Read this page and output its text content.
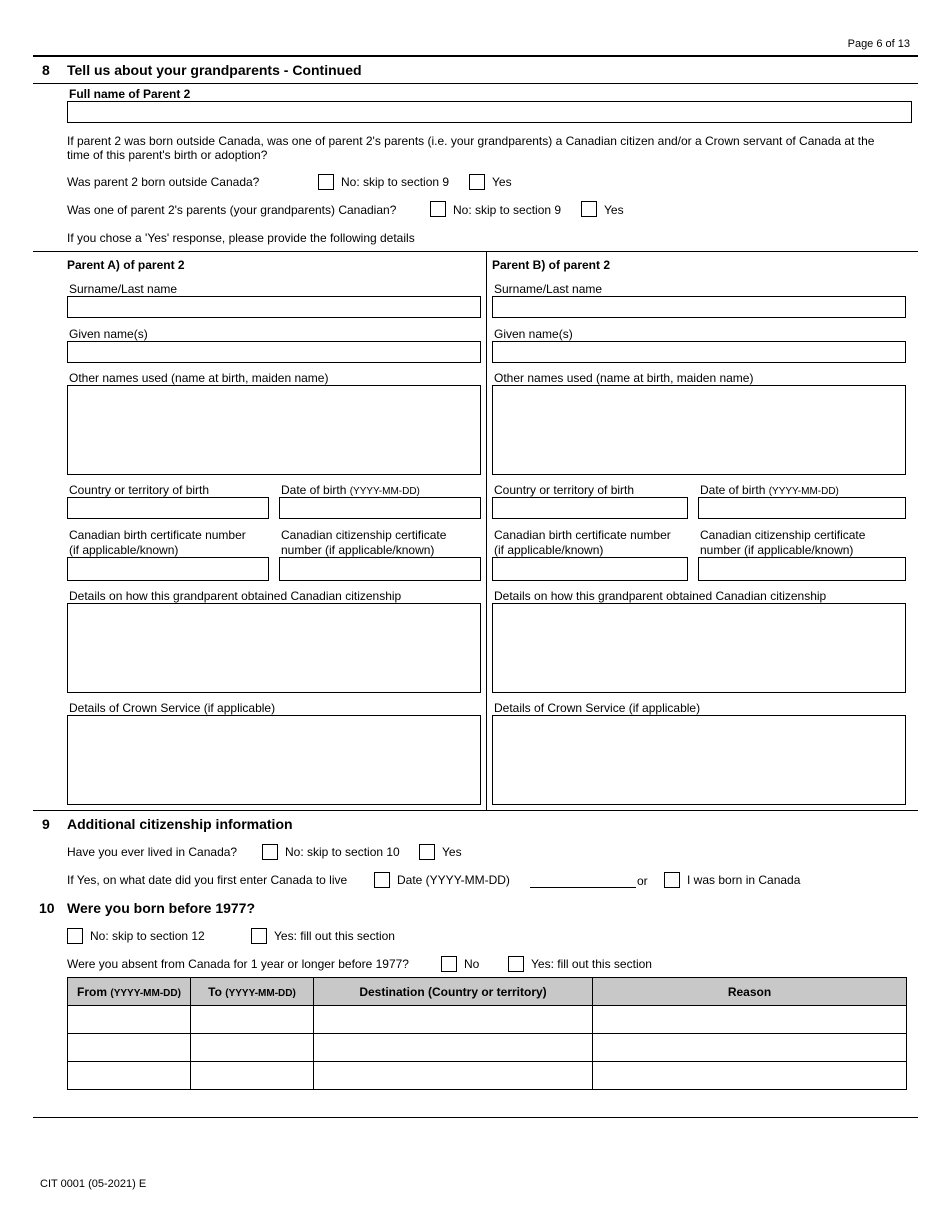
Page 6 of 13
8 Tell us about your grandparents - Continued
Full name of Parent 2
If parent 2 was born outside Canada, was one of parent 2's parents (i.e. your grandparents) a Canadian citizen and/or a Crown servant of Canada at the
time of this parent's birth or adoption?
Was parent 2 born outside Canada?	No: skip to section 9	Yes
Was one of parent 2's parents (your grandparents) Canadian?	No: skip to section 9	Yes
If you chose a 'Yes' response, please provide the following details
Parent A) of parent 2
Surname/Last name
Given name(s)
Other names used (name at birth, maiden name)
Country or territory of birth	Date of birth (YYYY-MM-DD)
Canadian birth certificate number
(if applicable/known)
Canadian citizenship certificate
number (if applicable/known)
Details on how this grandparent obtained Canadian citizenship
Details of Crown Service (if applicable)
Parent B) of parent 2
Surname/Last name
Given name(s)
Other names used (name at birth, maiden name)
Country or territory of birth	Date of birth (YYYY-MM-DD)
Canadian birth certificate number
(if applicable/known)
Canadian citizenship certificate
number (if applicable/known)
Details on how this grandparent obtained Canadian citizenship
Details of Crown Service (if applicable)
9 Additional citizenship information
Have you ever lived in Canada?	No: skip to section 10	Yes
If Yes, on what date did you first enter Canada to live	Date (YYYY-MM-DD)	or	I was born in Canada
10 Were you born before 1977?
No: skip to section 12	Yes: fill out this section
Were you absent from Canada for 1 year or longer before 1977?	No	Yes: fill out this section
From (YYYY-MM-DD)	To (YYYY-MM-DD)	Destination (Country or territory)	Reason

CIT 0001 (05-2021) E
